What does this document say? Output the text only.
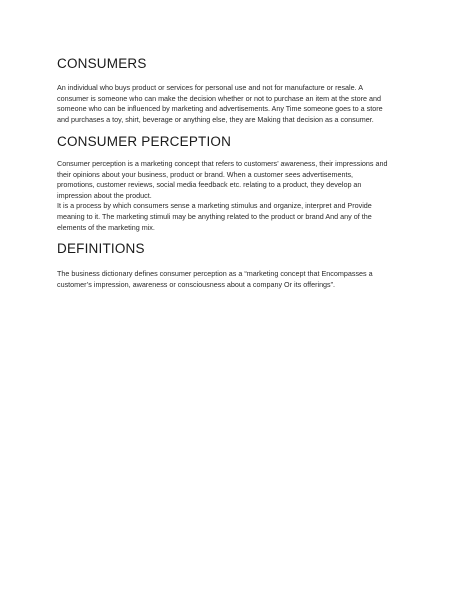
CONSUMERS

An individual who buys product or services for personal use and not for manufacture or resale. A
consumer is someone who can make the decision whether or not to purchase an item at the store and
someone who can be influenced by marketing and advertisements. Any Time someone goes to a store
and purchases a toy, shirt, beverage or anything else, they are Making that decision as a consumer.

CONSUMER PERCEPTION

Consumer perception is a marketing concept that refers to customers’ awareness, their impressions and
their opinions about your business, product or brand. When a customer sees advertisements,
promotions, customer reviews, social media feedback etc. relating to a product, they develop an
impression about the product.
It is a process by which consumers sense a marketing stimulus and organize, interpret and Provide
meaning to it. The marketing stimuli may be anything related to the product or brand And any of the
elements of the marketing mix.

DEFINITIONS

The business dictionary defines consumer perception as a “marketing concept that Encompasses a
customer’s impression, awareness or consciousness about a company Or its offerings”.
